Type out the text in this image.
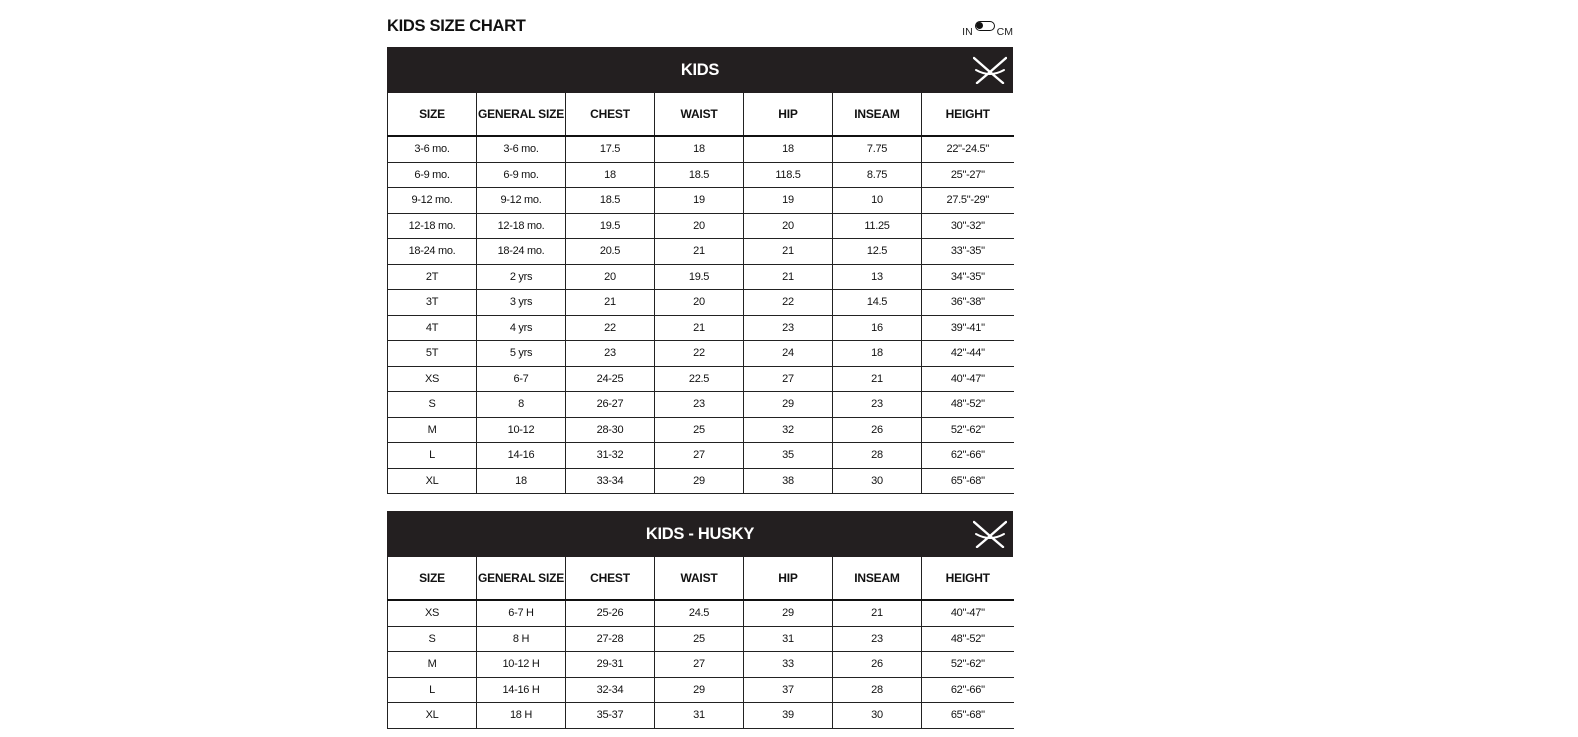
KIDS SIZE CHART	IN CM
KIDS
SIZE	GENERAL SIZE	CHEST	WAIST	HIP	INSEAM	HEIGHT
3-6 mo.	3-6 mo.	17.5	18	18	7.75	22"-24.5"
6-9 mo.	6-9 mo.	18	18.5	118.5	8.75	25"-27"
9-12 mo.	9-12 mo.	18.5	19	19	10	27.5"-29"
12-18 mo.	12-18 mo.	19.5	20	20	11.25	30"-32"
18-24 mo.	18-24 mo.	20.5	21	21	12.5	33"-35"
2T	2 yrs	20	19.5	21	13	34"-35"
3T	3 yrs	21	20	22	14.5	36"-38"
4T	4 yrs	22	21	23	16	39"-41"
5T	5 yrs	23	22	24	18	42"-44"
XS	6-7	24-25	22.5	27	21	40"-47"
S	8	26-27	23	29	23	48"-52"
M	10-12	28-30	25	32	26	52"-62"
L	14-16	31-32	27	35	28	62"-66"
XL	18	33-34	29	38	30	65"-68"
KIDS - HUSKY
SIZE	GENERAL SIZE	CHEST	WAIST	HIP	INSEAM	HEIGHT
XS	6-7 H	25-26	24.5	29	21	40"-47"
S	8 H	27-28	25	31	23	48"-52"
M	10-12 H	29-31	27	33	26	52"-62"
L	14-16 H	32-34	29	37	28	62"-66"
XL	18 H	35-37	31	39	30	65"-68"
